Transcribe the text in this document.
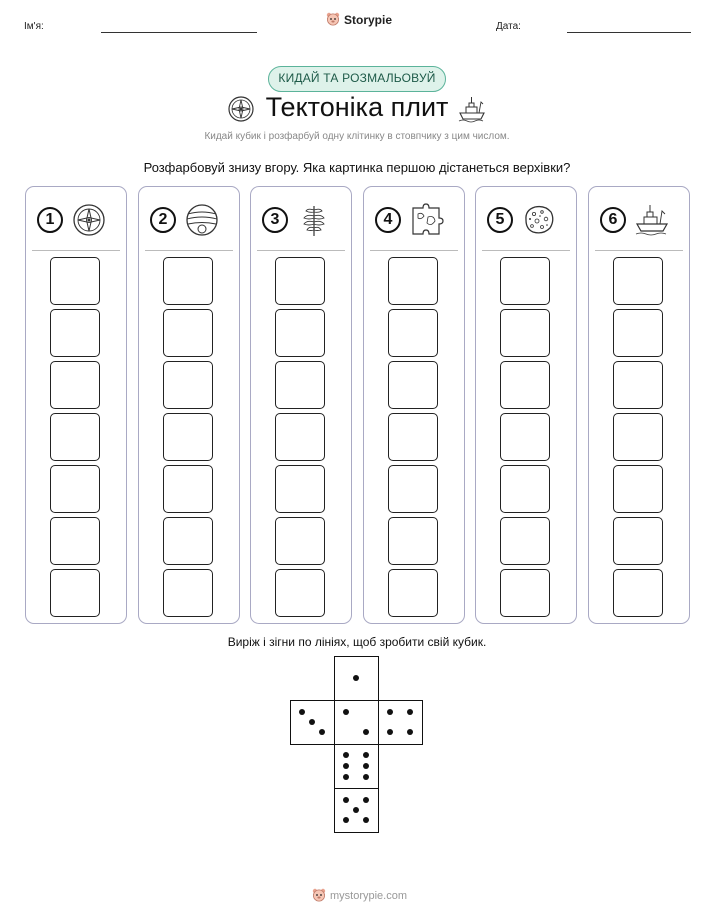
Ім'я:	Storypie	Дата:
КИДАЙ ТА РОЗМАЛЬОВУЙ
Тектоніка плит
Кидай кубик і розфарбуй одну клітинку в стовпчику з цим числом.
Розфарбовуй знизу вгору. Яка картинка першою дістанеться верхівки?
1	2	3	4	5	6
Виріж і зігни по лініях, щоб зробити свій кубик.
mystorypie.com
